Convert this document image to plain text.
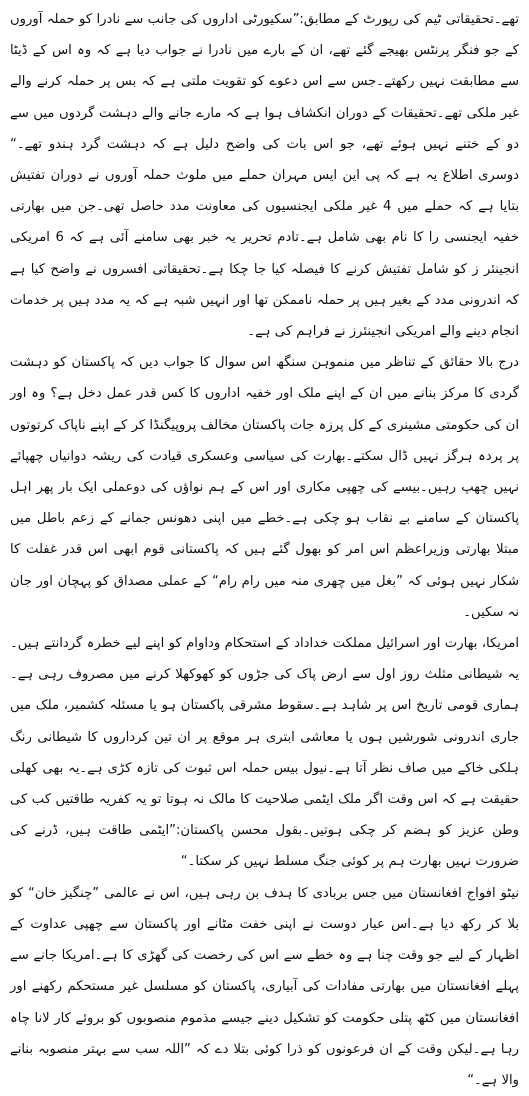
تھے۔تحقیقاتی ٹیم کی رپورٹ کے مطابق:”سکیورٹی اداروں کی جانب سے نادرا کو حملہ آوروں کے جو فنگر پرنٹس بھیجے گئے تھے، ان کے بارے میں نادرا نے جواب دیا ہے کہ وہ اس کے ڈیٹا سے مطابقت نہیں رکھتے۔جس سے اس دعوے کو تقویت ملتی ہے کہ بس پر حملہ کرنے والے غیر ملکی تھے۔تحقیقات کے دوران انکشاف ہوا ہے کہ مارے جانے والے دہشت گردوں میں سے دو کے ختنے نہیں ہوئے تھے، جو اس بات کی واضح دلیل ہے کہ دہشت گرد ہندو تھے۔“ دوسری اطلاع یہ ہے کہ پی این ایس مہران حملے میں ملوث حملہ آوروں نے دوران تفتیش بتایا ہے کہ حملے میں 4 غیر ملکی ایجنسیوں کی معاونت مدد حاصل تھی۔جن میں بھارتی خفیہ ایجنسی را کا نام بھی شامل ہے۔تادم تحریر یہ خبر بھی سامنے آئی ہے کہ 6 امریکی انجینئر ز کو شامل تفتیش کرنے کا فیصلہ کیا جا چکا ہے۔تحقیقاتی افسروں نے واضح کیا ہے کہ اندرونی مدد کے بغیر ہیں پر حملہ ناممکن تھا اور انہیں شبہ ہے کہ یہ مدد ہیں پر خدمات انجام دینے والے امریکی انجینئرز نے فراہم کی ہے۔

درج بالا حقائق کے تناظر میں منموہن سنگھ اس سوال کا جواب دیں کہ پاکستان کو دہشت گردی کا مرکز بنانے میں ان کے اپنے ملک اور خفیہ اداروں کا کس قدر عمل دخل ہے؟ وہ اور ان کی حکومتی مشینری کے کل پرزہ جات پاکستان مخالف پروپیگنڈا کر کے اپنے ناپاک کرتوتوں پر پردہ ہرگز نہیں ڈال سکتے۔بھارت کی سیاسی وعسکری قیادت کی ریشہ دوانیاں چھپائے نہیں چھپ رہیں۔بیسے کی چھپی مکاری اور اس کے ہم نواؤں کی دوعملی ایک بار پھر اہل پاکستان کے سامنے بے نقاب ہو چکی ہے۔خطے میں اپنی دھونس جمانے کے زعم باطل میں مبتلا بھارتی وزیراعظم اس امر کو بھول گئے ہیں کہ پاکستانی قوم ابھی اس قدر غفلت کا شکار نہیں ہوئی کہ ”بغل میں چھری منہ میں رام رام“ کے عملی مصداق کو پہچان اور جان نہ سکیں۔

امریکا، بھارت اور اسرائیل مملکت خداداد کے استحکام وداوام کو اپنے لیے خطرہ گردانتے ہیں۔یہ شیطانی مثلث روز اول سے ارض پاک کی جڑوں کو کھوکھلا کرنے میں مصروف رہی ہے۔ہماری قومی تاریخ اس پر شاہد ہے۔سقوط مشرقی پاکستان ہو یا مسئلہ کشمیر، ملک میں جاری اندرونی شورشیں ہوں یا معاشی ابتری ہر موقع پر ان تین کرداروں کا شیطانی رنگ ہلکی خاکے میں صاف نظر آتا ہے۔نیول بیس حملہ اس ثبوت کی تازہ کڑی ہے۔یہ بھی کھلی حقیقت ہے کہ اس وقت اگر ملک ایٹمی صلاحیت کا مالک نہ ہوتا تو یہ کفریہ طاقتیں کب کی وطن عزیز کو ہضم کر چکی ہوتیں۔بقول محسن پاکستان:”ایٹمی طاقت ہیں، ڈرنے کی ضرورت نہیں بھارت ہم پر کوئی جنگ مسلط نہیں کر سکتا۔“

نیٹو افواج افغانستان میں جس بربادی کا ہدف بن رہی ہیں، اس نے عالمی ”چنگیز خان“ کو بلا کر رکھ دیا ہے۔اس عیار دوست نے اپنی خفت مٹانے اور پاکستان سے چھپی عداوت کے اظہار کے لیے جو وقت چنا ہے وہ خطے سے اس کی رخصت کی گھڑی کا ہے۔امریکا جانے سے پہلے افغانستان میں بھارتی مفادات کی آبیاری، پاکستان کو مسلسل غیر مستحکم رکھنے اور افغانستان میں کٹھ پتلی حکومت کو تشکیل دینے جیسے مذموم منصوبوں کو بروئے کار لانا چاہ رہا ہے۔لیکن وقت کے ان فرعونوں کو ذرا کوئی بتلا دے کہ ”اللہ سب سے بہتر منصوبہ بنانے والا ہے۔“
